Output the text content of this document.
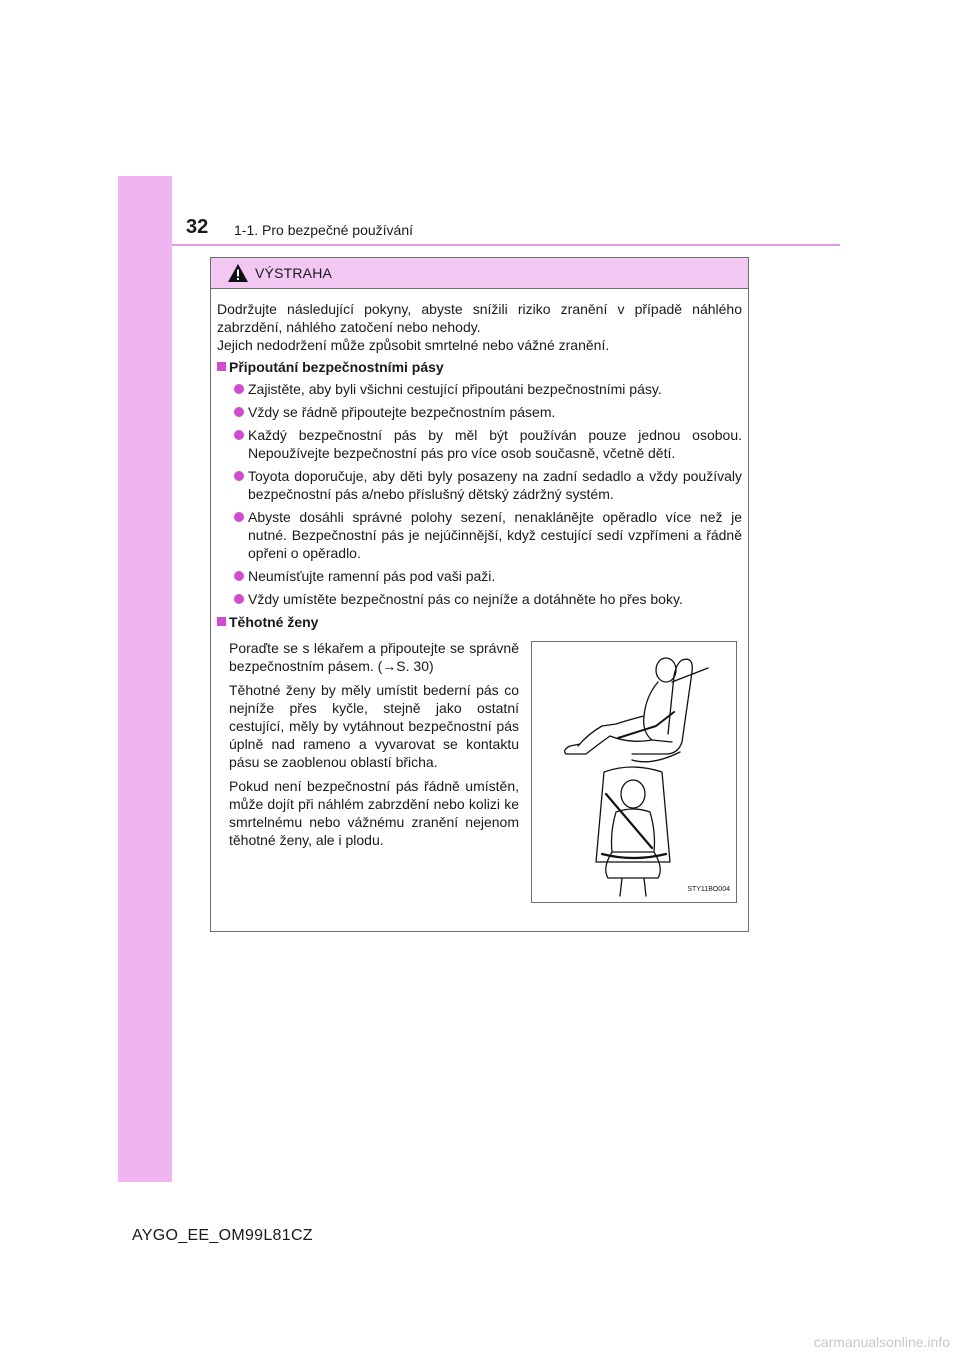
32 1-1. Pro bezpečné používání
VÝSTRAHA
Dodržujte následující pokyny, abyste snížili riziko zranění v případě náhlého zabrzdění, náhlého zatočení nebo nehody.
Jejich nedodržení může způsobit smrtelné nebo vážné zranění.
Připoutání bezpečnostními pásy
Zajistěte, aby byli všichni cestující připoutáni bezpečnostními pásy.
Vždy se řádně připoutejte bezpečnostním pásem.
Každý bezpečnostní pás by měl být používán pouze jednou osobou. Nepoužívejte bezpečnostní pás pro více osob současně, včetně dětí.
Toyota doporučuje, aby děti byly posazeny na zadní sedadlo a vždy používaly bezpečnostní pás a/nebo příslušný dětský zádržný systém.
Abyste dosáhli správné polohy sezení, nenaklánějte opěradlo více než je nutné. Bezpečnostní pás je nejúčinnější, když cestující sedí vzpřímeni a řádně opřeni o opěradlo.
Neumísťujte ramenní pás pod vaši paži.
Vždy umístěte bezpečnostní pás co nejníže a dotáhněte ho přes boky.
Těhotné ženy

Poraďte se s lékařem a připoutejte se správně bezpečnostním pásem. (→S. 30)

Těhotné ženy by měly umístit bederní pás co nejníže přes kyčle, stejně jako ostatní cestující, měly by vytáhnout bezpečnostní pás úplně nad rameno a vyvarovat se kontaktu pásu se zaoblenou oblastí břicha.

Pokud není bezpečnostní pás řádně umístěn, může dojít při náhlém zabrzdění nebo kolizi ke smrtelnému nebo vážnému zranění nejenom těhotné ženy, ale i plodu.

STY11BO004
AYGO_EE_OM99L81CZ
carmanualsonline.info
